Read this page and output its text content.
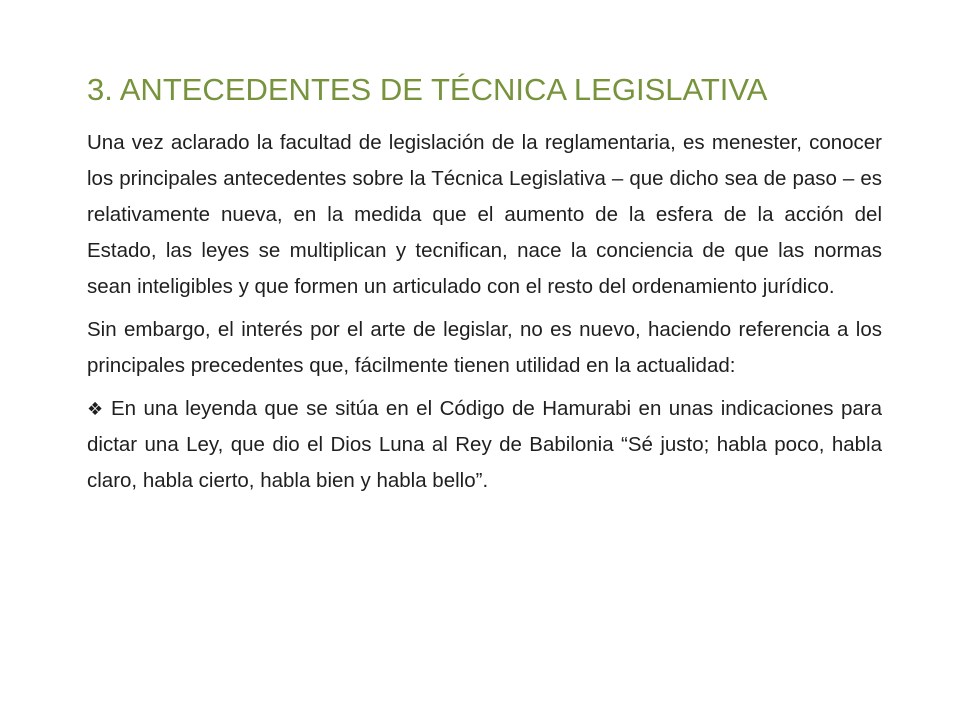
3. ANTECEDENTES DE TÉCNICA LEGISLATIVA

Una vez aclarado la facultad de legislación de la reglamentaria, es menester, conocer los principales antecedentes sobre la Técnica Legislativa – que dicho sea de paso – es relativamente nueva, en la medida que el aumento de la esfera de la acción del Estado, las leyes se multiplican y tecnifican, nace la conciencia de que las normas sean inteligibles y que formen un articulado con el resto del ordenamiento jurídico.

Sin embargo, el interés por el arte de legislar, no es nuevo, haciendo referencia a los principales precedentes que, fácilmente tienen utilidad en la actualidad:

❖ En una leyenda que se sitúa en el Código de Hamurabi en unas indicaciones para dictar una Ley, que dio el Dios Luna al Rey de Babilonia “Sé justo; habla poco, habla claro, habla cierto, habla bien y habla bello”.
